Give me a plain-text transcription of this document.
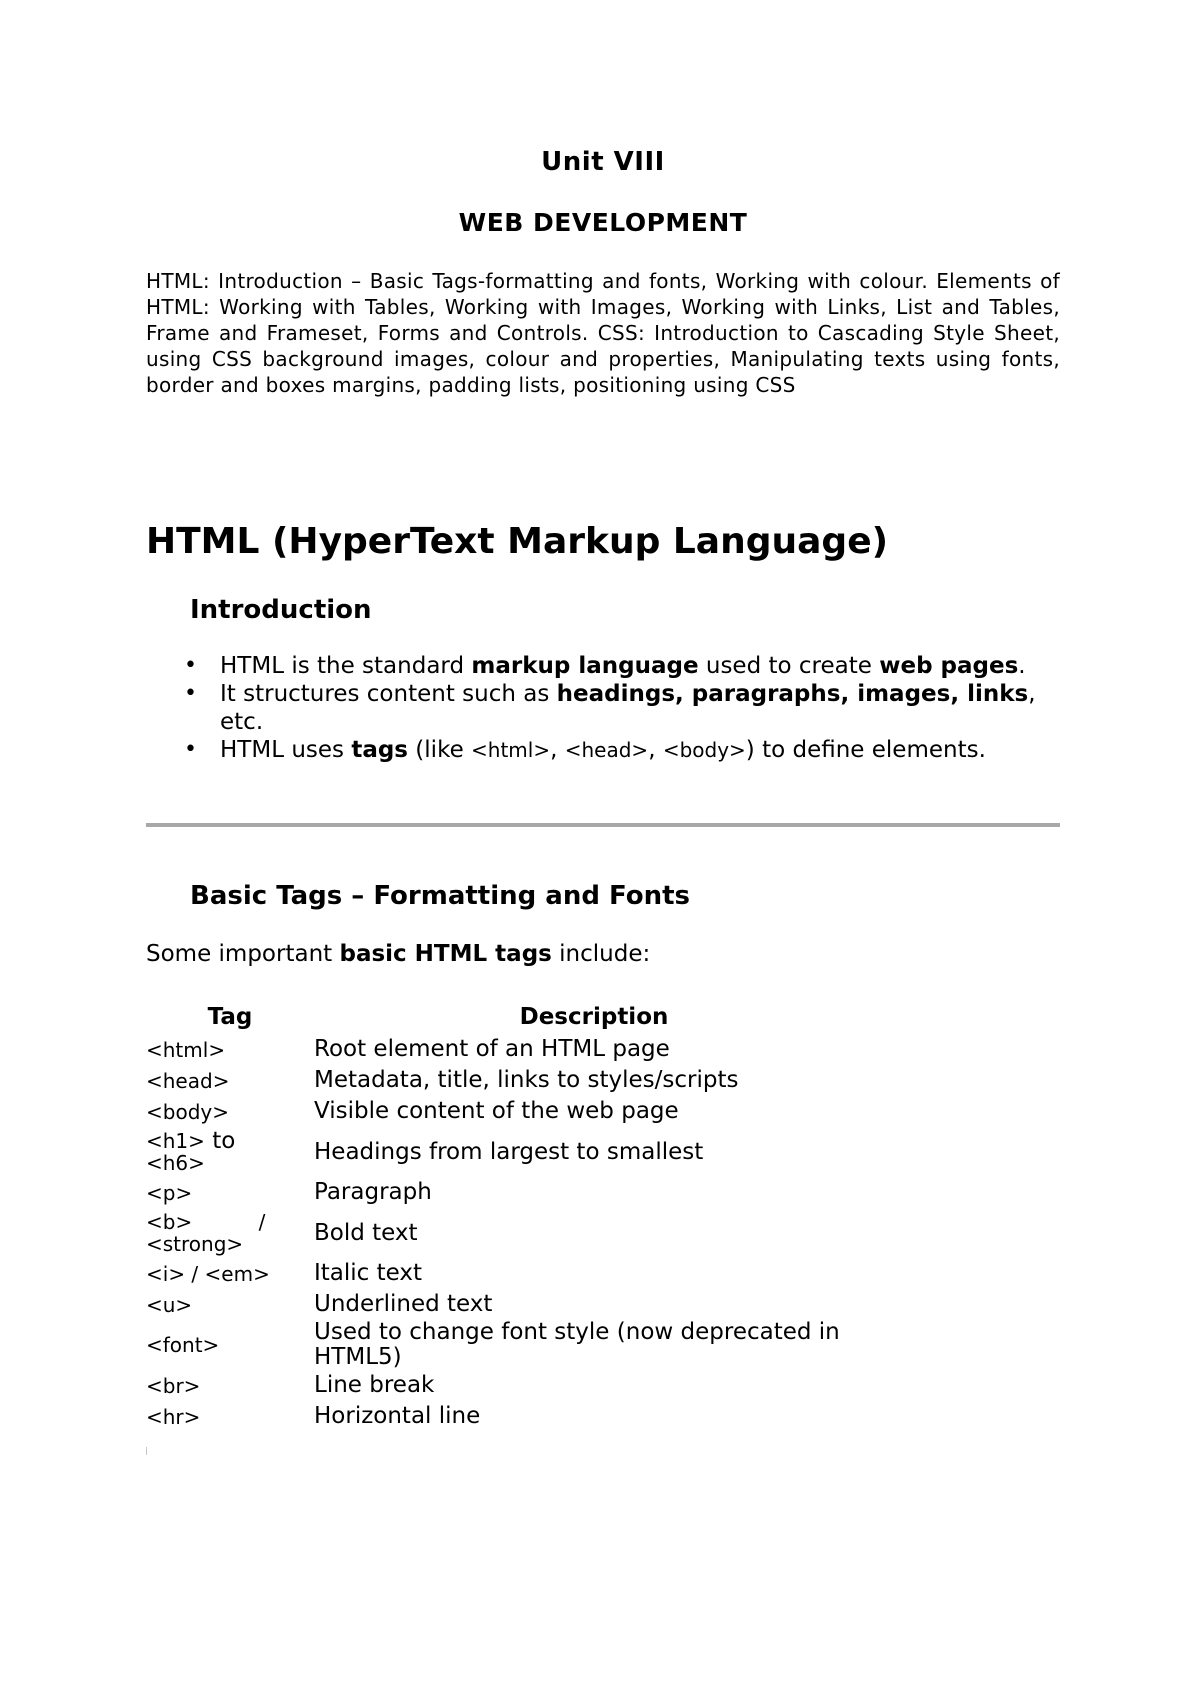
Unit VIII
WEB DEVELOPMENT
HTML: Introduction – Basic Tags-formatting and fonts, Working with colour. Elements of HTML: Working with Tables, Working with Images, Working with Links, List and Tables, Frame and Frameset, Forms and Controls. CSS: Introduction to Cascading Style Sheet, using CSS background images, colour and properties, Manipulating texts using fonts, border and boxes margins, padding lists, positioning using CSS
HTML (HyperText Markup Language)
Introduction
• HTML is the standard markup language used to create web pages.
• It structures content such as headings, paragraphs, images, links, etc.
• HTML uses tags (like <html>, <head>, <body>) to define elements.
Basic Tags – Formatting and Fonts
Some important basic HTML tags include:
Tag	Description
<html>	Root element of an HTML page
<head>	Metadata, title, links to styles/scripts
<body>	Visible content of the web page
<h1> to
<h6>	Headings from largest to smallest
<p>	Paragraph
<b> / <strong>	Bold text
<i> / <em>	Italic text
<u>	Underlined text
<font>	Used to change font style (now deprecated in HTML5)
<br>	Line break
<hr>	Horizontal line
